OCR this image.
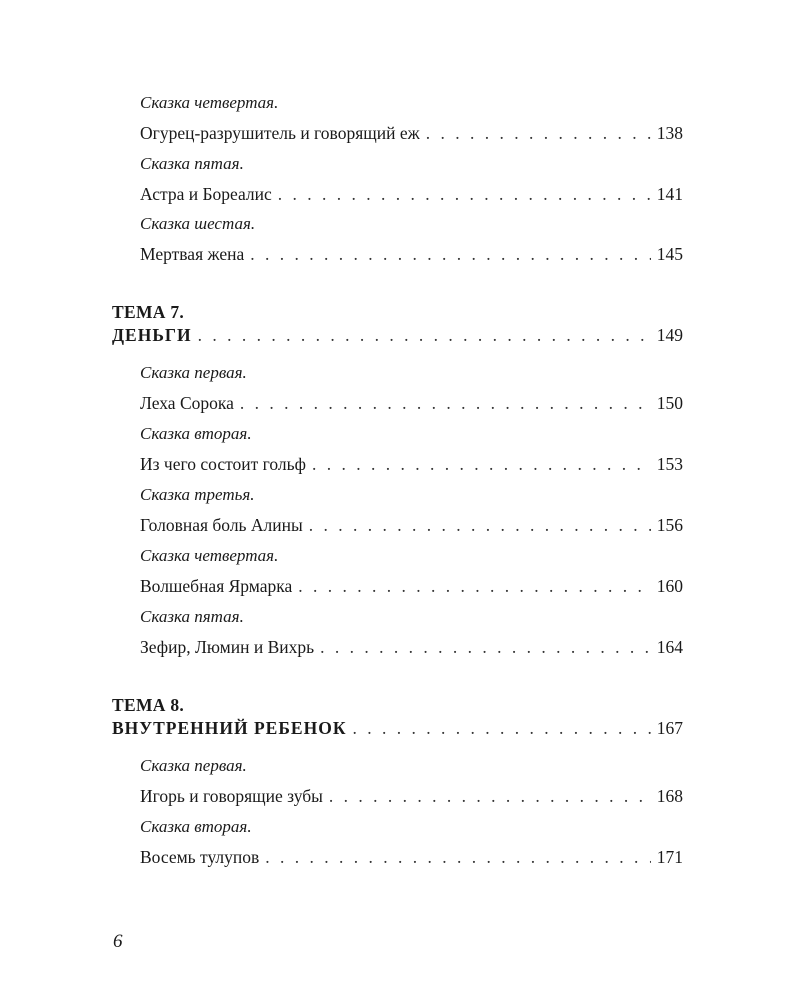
Сказка четвертая.
Огурец-разрушитель и говорящий еж . . .	138
Сказка пятая.
Астра и Бореалис . . .	141
Сказка шестая.
Мертвая жена . . .	145
ТЕМА 7.
ДЕНЬГИ . . .	149
Сказка первая.
Леха Сорока . . .	150
Сказка вторая.
Из чего состоит гольф . . .	153
Сказка третья.
Головная боль Алины . . .	156
Сказка четвертая.
Волшебная Ярмарка . . .	160
Сказка пятая.
Зефир, Люмин и Вихрь . . .	164
ТЕМА 8.
ВНУТРЕННИЙ РЕБЕНОК . . .	167
Сказка первая.
Игорь и говорящие зубы . . .	168
Сказка вторая.
Восемь тулупов . . .	171
6
